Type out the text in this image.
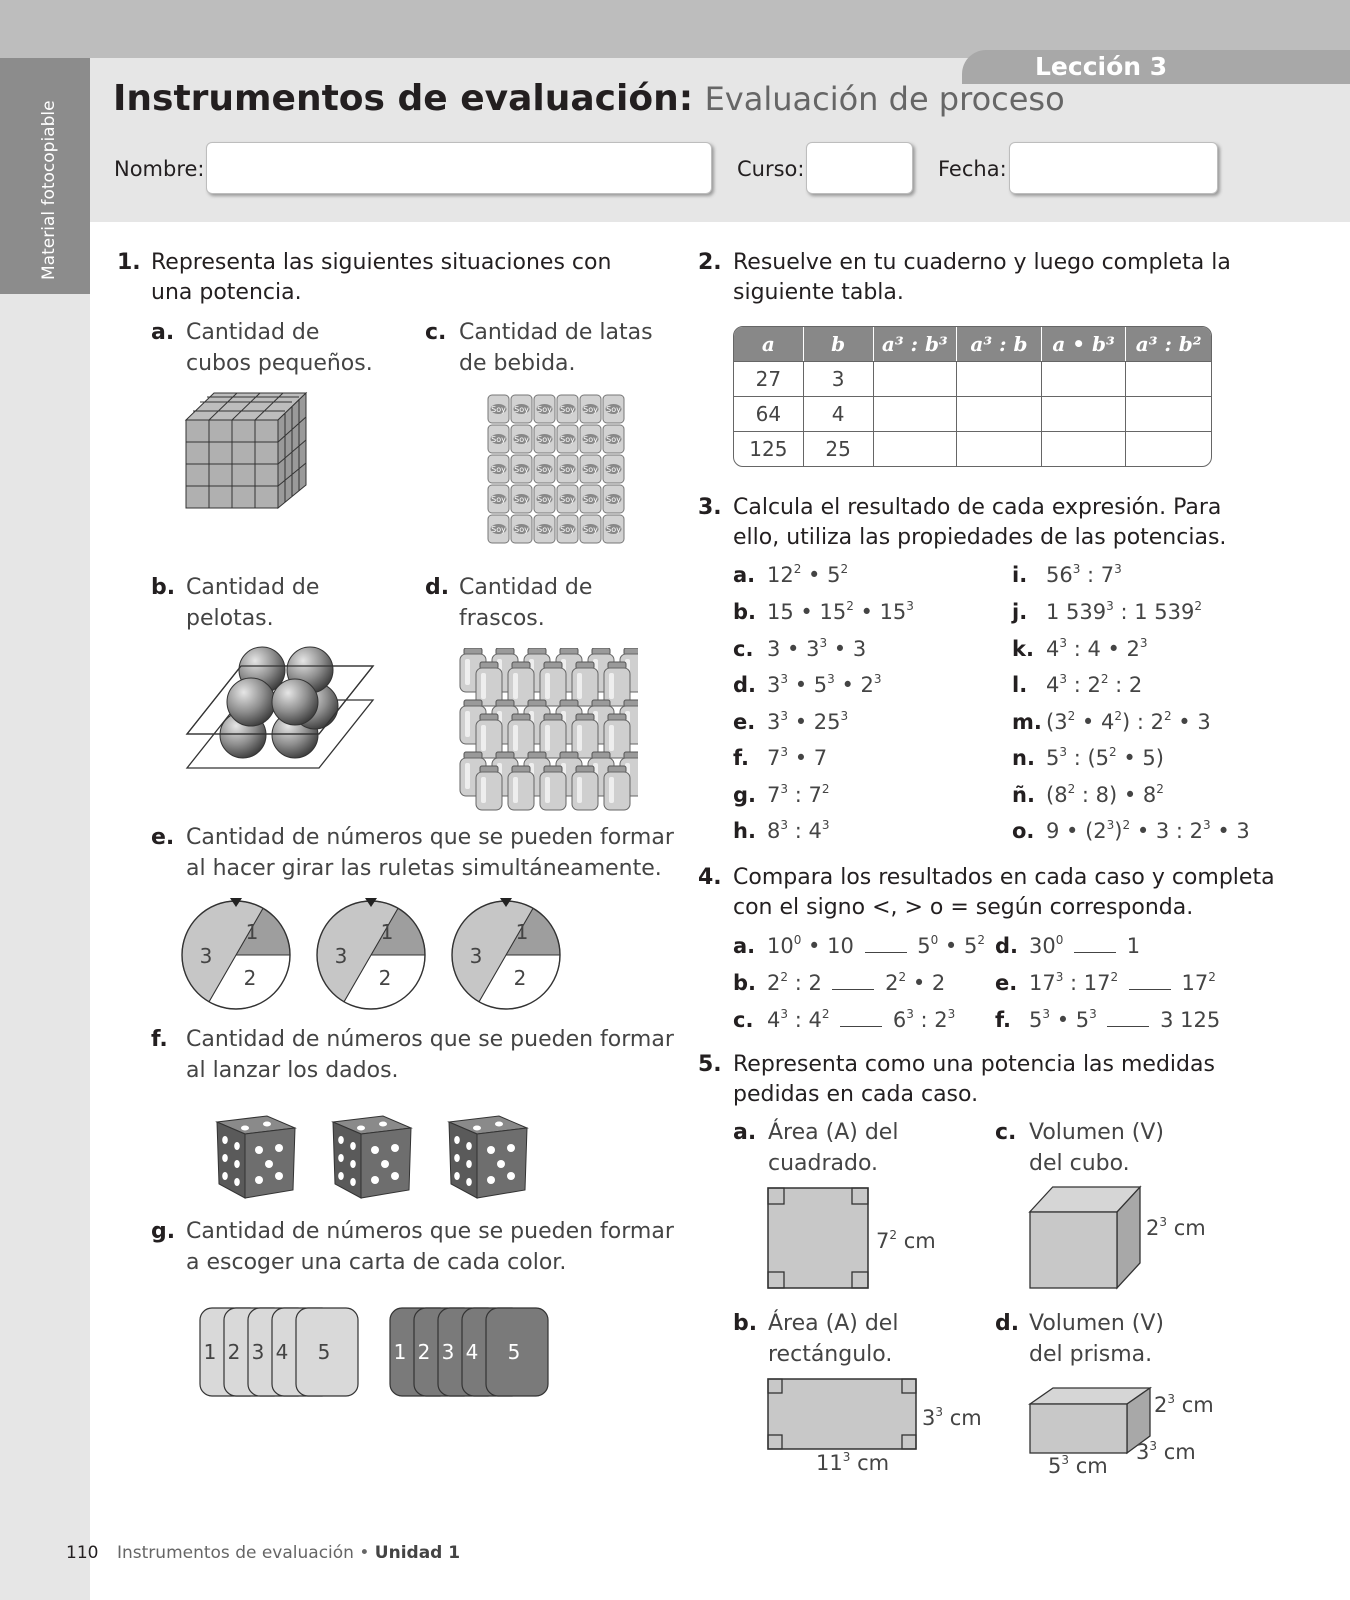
Material fotocopiable
Lección 3
Instrumentos de evaluación: Evaluación de proceso
Nombre:	Curso:	Fecha:
1. Representa las siguientes situaciones con
una potencia.
a. Cantidad de
cubos pequeños.
c. Cantidad de latas
de bebida.
Soy Soy Soy Soy Soy Soy
Soy Soy Soy Soy Soy Soy
Soy Soy Soy Soy Soy Soy
Soy Soy Soy Soy Soy Soy
Soy Soy Soy Soy Soy Soy
b. Cantidad de
pelotas.
d. Cantidad de
frascos.
e. Cantidad de números que se pueden formar
al hacer girar las ruletas simultáneamente.
1
2
3
1
2
3
1
2
3
f. Cantidad de números que se pueden formar
al lanzar los dados.
g. Cantidad de números que se pueden formar
a escoger una carta de cada color.
1 2 3 4 5	1 2 3 4 5
2. Resuelve en tu cuaderno y luego completa la
siguiente tabla.
a	b	a³ : b³	a³ : b	a • b³	a³ : b²
27	3				
64	4				
125	25				
3. Calcula el resultado de cada expresión. Para
ello, utiliza las propiedades de las potencias.
a. $12^2$ • $5^2$
b. 15 • $15^2$ • $15^3$
c. 3 • $3^3$ • 3
d. $3^3$ • $5^3$ • $2^3$
e. $3^3$ • $25^3$
f. $7^3$ • 7
g. $7^3$ : $7^2$
h. $8^3$ : $4^3$
i. $56^3$ : $7^3$
j. 1 $539^3$ : 1 $539^2$
k. $4^3$ : 4 • $2^3$
l. $4^3$ : $2^2$ : 2
m. ($3^2$ • $4^2$) : $2^2$ • 3
n. $5^3$ : ($5^2$ • 5)
ñ. ($8^2$ : 8) • $8^2$
o. 9 • $(2^3)^2$ • 3 : $2^3$ • 3
4. Compara los resultados en cada caso y completa
con el signo <, > o = según corresponda.
a. $10^0$ • 10  $5^0$ • $5^2$
b. $2^2$ : 2  $2^2$ • 2
c. $4^3$ : $4^2$	$6^3$ : $2^3$
d. $30^0$	1
e. $17^3$ : $17^2$	$17^2$
f. $5^3$ • $5^3$	3 125
5. Representa como una potencia las medidas
pedidas en cada caso.
a. Área (A) del
cuadrado.
c. Volumen (V)
del cubo.
$7^2$ cm
$2^3$ cm
b. Área (A) del
rectángulo.
d. Volumen (V)
del prisma.
$3^3$ cm
$11^3$ cm
$2^3$ cm
$3^3$ cm
$5^3$ cm
110 Instrumentos de evaluación • Unidad 1
